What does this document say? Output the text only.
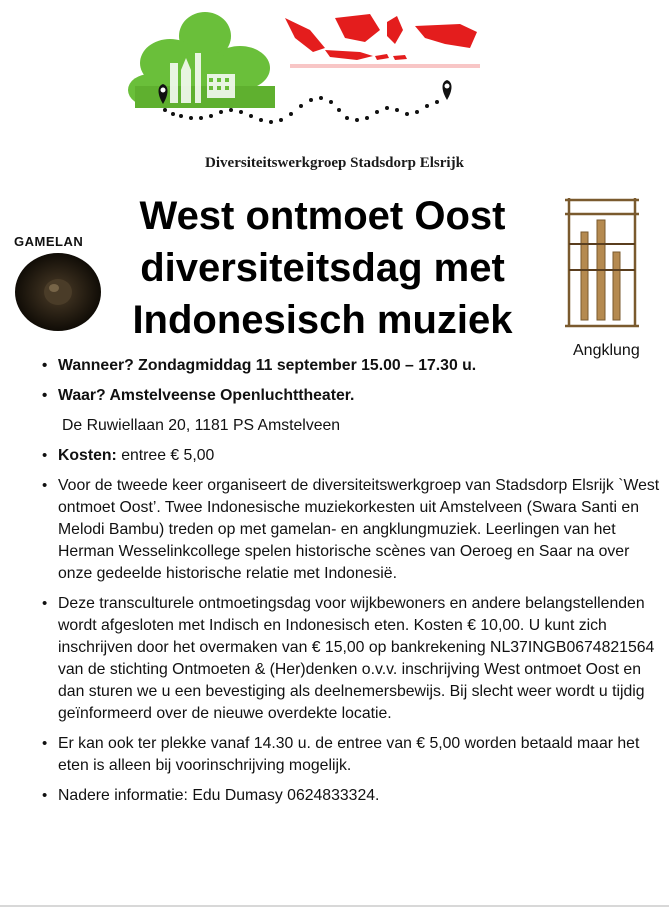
Diversiteitswerkgroep Stadsdorp Elsrijk
GAMELAN
West ontmoet Oost
diversiteitsdag met
Indonesisch muziek
Angklung
• Wanneer? Zondagmiddag 11 september 15.00 – 17.30 u.
• Waar? Amstelveense Openluchttheater.
De Ruwiellaan 20, 1181 PS Amstelveen
• Kosten: entree € 5,00
• Voor de tweede keer organiseert de diversiteitswerkgroep van Stadsdorp Elsrijk `West ontmoet Oost’. Twee Indonesische muziekorkesten uit Amstelveen (Swara Santi en Melodi Bambu) treden op met gamelan- en angklungmuziek. Leerlingen van het Herman Wesselinkcollege spelen historische scènes van Oeroeg en Saar na over onze gedeelde historische relatie met Indonesië.
• Deze transculturele ontmoetingsdag voor wijkbewoners en andere belangstellenden wordt afgesloten met Indisch en Indonesisch eten. Kosten € 10,00. U kunt zich inschrijven door het overmaken van € 15,00 op bankrekening NL37INGB0674821564 van de stichting Ontmoeten & (Her)denken o.v.v. inschrijving West ontmoet Oost en dan sturen we u een bevestiging als deelnemersbewijs. Bij slecht weer wordt u tijdig geïnformeerd over de nieuwe overdekte locatie.
• Er kan ook ter plekke vanaf 14.30 u. de entree van € 5,00 worden betaald maar het eten is alleen bij voorinschrijving mogelijk.
• Nadere informatie: Edu Dumasy 0624833324.
